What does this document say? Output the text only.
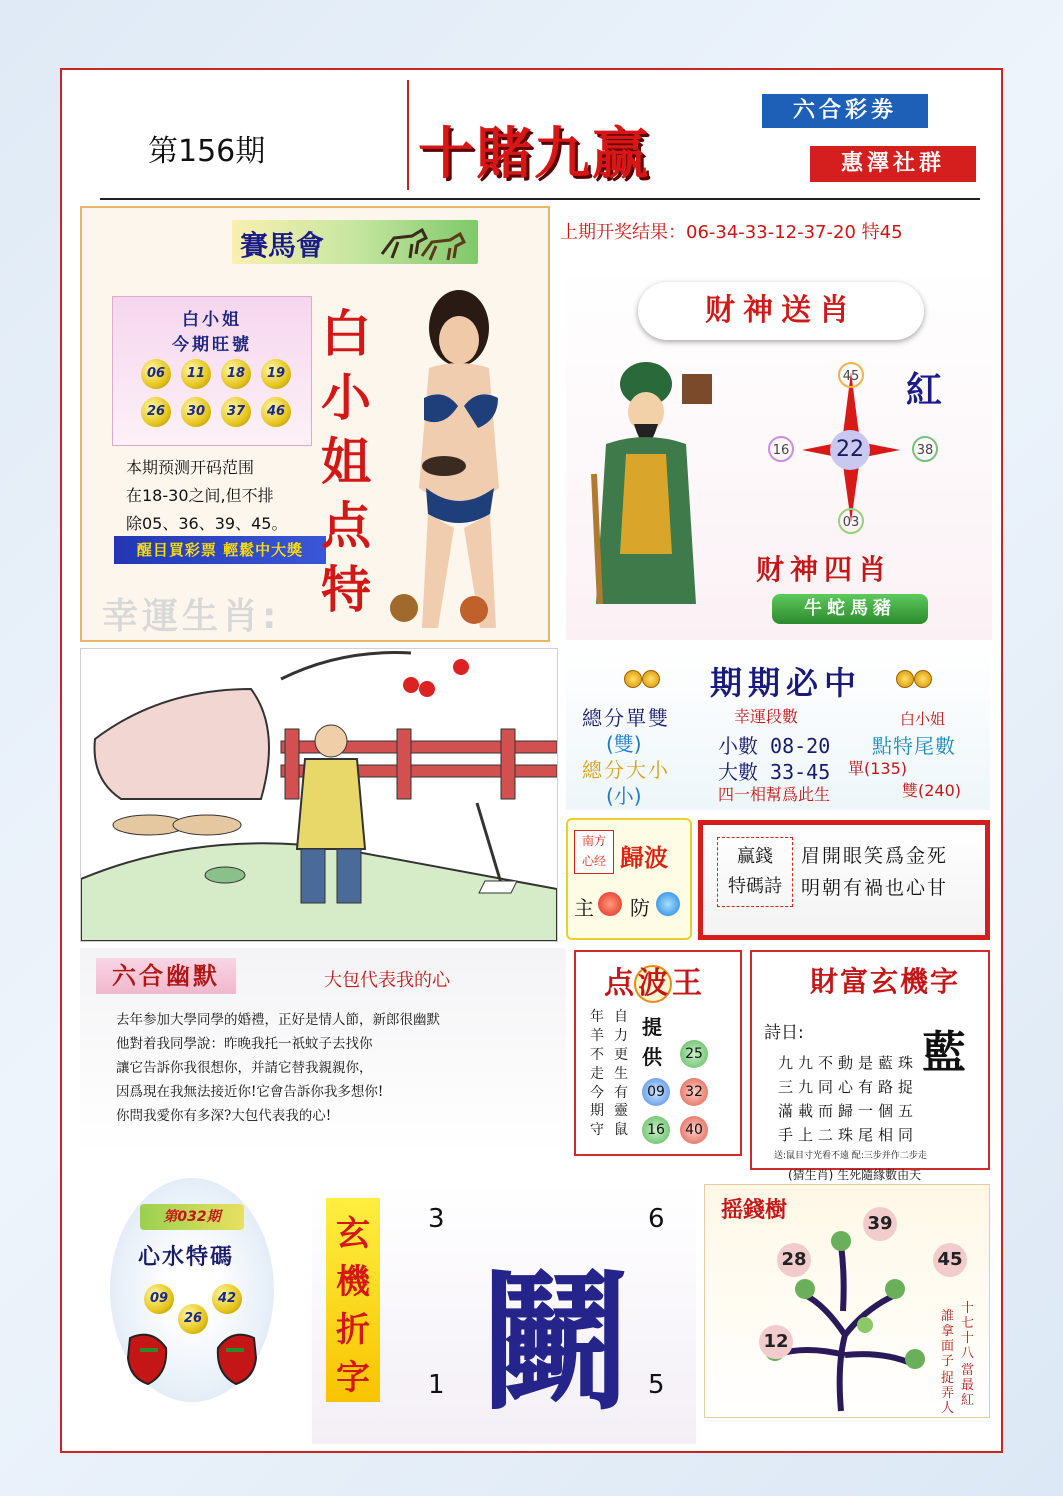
第156期	十賭九赢
六合彩劵
惠澤社群
上期开奖结果：06-34-33-12-37-20 特45
賽馬會
白小姐
今期旺號
06	11	18	19
26	30	37	46
本期预测开码范围
在18-30之间,但不排
除05、36、39、45。
醒目買彩票 輕鬆中大獎
幸運生肖:
白
小
姐
点
特
财神送肖
紅
45
16 22	38
03
财神四肖
牛蛇馬豬
期期必中
總分單雙
(雙)
總分大小
(小)
幸運段數
小數 08-20
大數 33-45
四一相幫爲此生
白小姐
點特尾數
單(135)
雙(240)
南方
心经 歸波
主 防
赢錢
特碼詩
眉開眼笑爲金死
明朝有禍也心甘
六合幽默	大包代表我的心
去年参加大學同學的婚禮，正好是情人節，新郎很幽默
他對着我同學說：昨晚我托一祇蚊子去找你
讓它告訴你我很想你，并請它替我親親你，
因爲現在我無法接近你!它會告訴你我多想你!
你問我愛你有多深?大包代表我的心!
点 波 王
年羊不走今
期守
自力更生有
靈鼠
提供	25
09	32
16	40
財富玄機字
詩日:	藍
九九不動是藍珠
三九同心有路捉
滿載而歸一個五
手上二珠尾相同
送:鼠目寸光看不遠 配:三步并作二步走
(猜生肖) 生死隨緣數由天
第032期
心水特碼
09
26
42
玄
機
折
字
3	6
1	5
鬭
摇錢樹
39
28	45
12
誰拿面子
捉弄人
十七十八
當最紅
